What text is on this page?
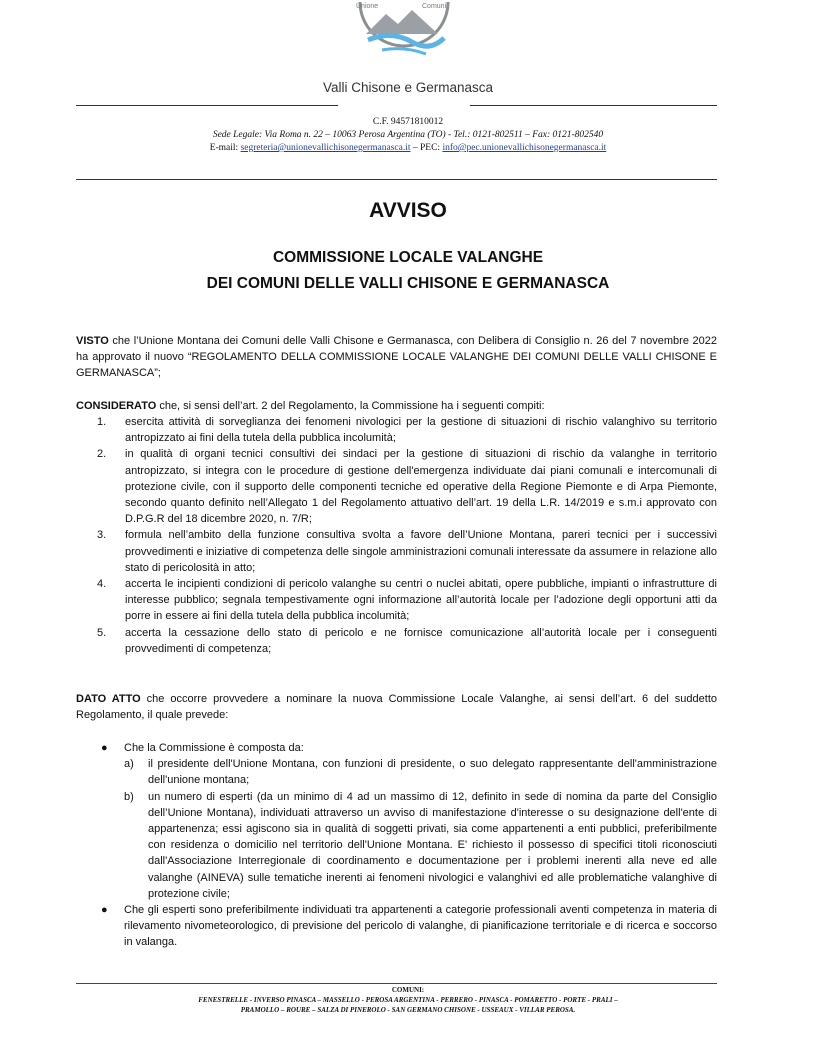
Unione	Comuni
Valli Chisone e Germanasca
C.F. 94571810012
Sede Legale: Via Roma n. 22 – 10063 Perosa Argentina (TO) - Tel.: 0121-802511 – Fax: 0121-802540
E-mail: segreteria@unionevallichisonegermanasca.it – PEC: info@pec.unionevallichisonegermanasca.it
AVVISO
COMMISSIONE LOCALE VALANGHE
DEI COMUNI DELLE VALLI CHISONE E GERMANASCA

VISTO che l’Unione Montana dei Comuni delle Valli Chisone e Germanasca, con Delibera di Consiglio n. 26 del 7 novembre 2022 ha approvato il nuovo “REGOLAMENTO DELLA COMMISSIONE LOCALE VALANGHE DEI COMUNI DELLE VALLI CHISONE E GERMANASCA”;

CONSIDERATO che, si sensi dell’art. 2 del Regolamento, la Commissione ha i seguenti compiti:

1. esercita attività di sorveglianza dei fenomeni nivologici per la gestione di situazioni di rischio valanghivo su territorio antropizzato ai fini della tutela della pubblica incolumità;
2. in qualità di organi tecnici consultivi dei sindaci per la gestione di situazioni di rischio da valanghe in territorio antropizzato, si integra con le procedure di gestione dell'emergenza individuate dai piani comunali e intercomunali di protezione civile, con il supporto delle componenti tecniche ed operative della Regione Piemonte e di Arpa Piemonte, secondo quanto definito nell’Allegato 1 del Regolamento attuativo dell’art. 19 della L.R. 14/2019 e s.m.i approvato con D.P.G.R del 18 dicembre 2020, n. 7/R;
3. formula nell’ambito della funzione consultiva svolta a favore dell’Unione Montana, pareri tecnici per i successivi provvedimenti e iniziative di competenza delle singole amministrazioni comunali interessate da assumere in relazione allo stato di pericolosità in atto;
4. accerta le incipienti condizioni di pericolo valanghe su centri o nuclei abitati, opere pubbliche, impianti o infrastrutture di interesse pubblico; segnala tempestivamente ogni informazione all’autorità locale per l’adozione degli opportuni atti da porre in essere ai fini della tutela della pubblica incolumità;
5. accerta la cessazione dello stato di pericolo e ne fornisce comunicazione all’autorità locale per i conseguenti provvedimenti di competenza;

DATO ATTO che occorre provvedere a nominare la nuova Commissione Locale Valanghe, ai sensi dell’art. 6 del suddetto Regolamento, il quale prevede:

● Che la Commissione è composta da:
a) il presidente dell'Unione Montana, con funzioni di presidente, o suo delegato rappresentante dell'amministrazione dell'unione montana;
b) un numero di esperti (da un minimo di 4 ad un massimo di 12, definito in sede di nomina da parte del Consiglio dell’Unione Montana), individuati attraverso un avviso di manifestazione d'interesse o su designazione dell'ente di appartenenza; essi agiscono sia in qualità di soggetti privati, sia come appartenenti a enti pubblici, preferibilmente con residenza o domicilio nel territorio dell'Unione Montana. E' richiesto il possesso di specifici titoli riconosciuti dall'Associazione Interregionale di coordinamento e documentazione per i problemi inerenti alla neve ed alle valanghe (AINEVA) sulle tematiche inerenti ai fenomeni nivologici e valanghivi ed alle problematiche valanghive di protezione civile;
● Che gli esperti sono preferibilmente individuati tra appartenenti a categorie professionali aventi competenza in materia di rilevamento nivometeorologico, di previsione del pericolo di valanghe, di pianificazione territoriale e di ricerca e soccorso in valanga.
COMUNI:
FENESTRELLE - INVERSO PINASCA – MASSELLO - PEROSA ARGENTINA - PERRERO - PINASCA - POMARETTO - PORTE - PRALI –
PRAMOLLO – ROURE – SALZA DI PINEROLO - SAN GERMANO CHISONE - USSEAUX - VILLAR PEROSA.
